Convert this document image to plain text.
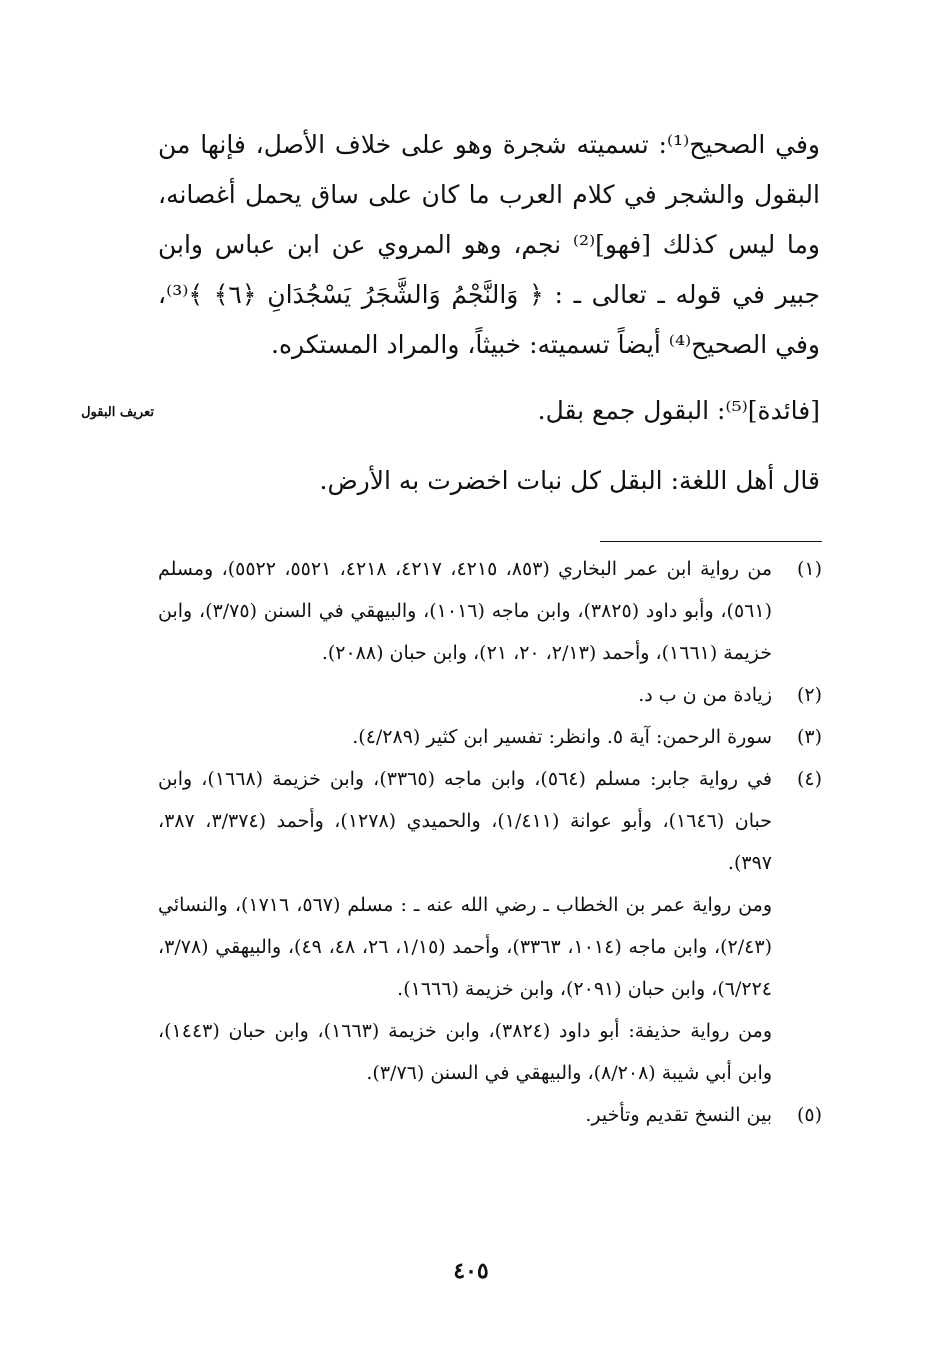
وفي الصحيح⁽¹⁾: تسميته شجرة وهو على خلاف الأصل، فإنها من البقول والشجر في كلام العرب ما كان على ساق يحمل أغصانه، وما ليس كذلك [فهو]⁽²⁾ نجم، وهو المروي عن ابن عباس وابن جبير في قوله ـ تعالى ـ : ﴿ وَالنَّجْمُ وَالشَّجَرُ يَسْجُدَانِ ﴿٦﴾ ﴾⁽³⁾، وفي الصحيح⁽⁴⁾ أيضاً تسميته: خبيثاً، والمراد المستكره.

[فائدة]⁽⁵⁾: البقول جمع بقل.

قال أهل اللغة: البقل كل نبات اخضرت به الأرض.

تعريف البقول
(١)

من رواية ابن عمر البخاري (٨٥٣، ٤٢١٥، ٤٢١٧، ٤٢١٨، ٥٥٢١، ٥٥٢٢)، ومسلم (٥٦١)، وأبو داود (٣٨٢٥)، وابن ماجه (١٠١٦)، والبيهقي في السنن (٣/٧٥)، وابن خزيمة (١٦٦١)، وأحمد (٢/١٣، ٢٠، ٢١)، وابن حبان (٢٠٨٨).

(٢)

زيادة من ن ب د.

(٣)

سورة الرحمن: آية ٥. وانظر: تفسير ابن كثير (٤/٢٨٩).

(٤)

في رواية جابر: مسلم (٥٦٤)، وابن ماجه (٣٣٦٥)، وابن خزيمة (١٦٦٨)، وابن حبان (١٦٤٦)، وأبو عوانة (١/٤١١)، والحميدي (١٢٧٨)، وأحمد (٣/٣٧٤، ٣٨٧، ٣٩٧).

ومن رواية عمر بن الخطاب ـ رضي الله عنه ـ : مسلم (٥٦٧، ١٧١٦)، والنسائي (٢/٤٣)، وابن ماجه (١٠١٤، ٣٣٦٣)، وأحمد (١/١٥، ٢٦، ٤٨، ٤٩)، والبيهقي (٣/٧٨، ٦/٢٢٤)، وابن حبان (٢٠٩١)، وابن خزيمة (١٦٦٦).

ومن رواية حذيفة: أبو داود (٣٨٢٤)، وابن خزيمة (١٦٦٣)، وابن حبان (١٤٤٣)، وابن أبي شيبة (٨/٢٠٨)، والبيهقي في السنن (٣/٧٦).

(٥)

بين النسخ تقديم وتأخير.

٤٠٥
